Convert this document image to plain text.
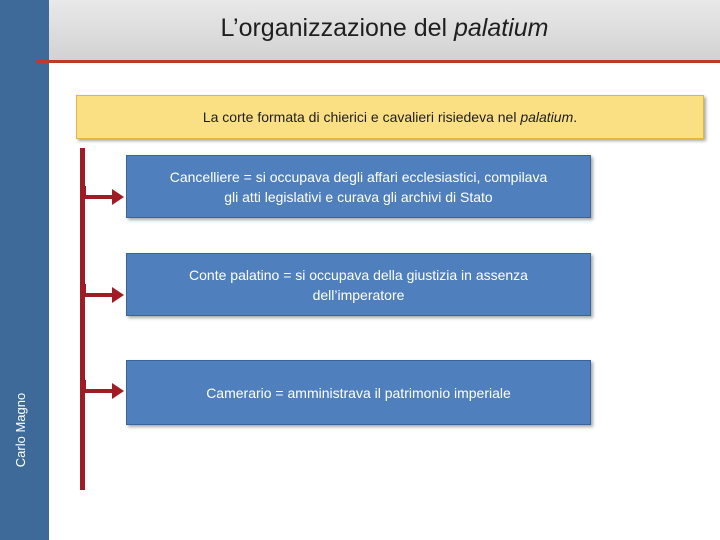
Carlo Magno
L’organizzazione del palatium
La corte formata di chierici e cavalieri risiedeva nel palatium.
Cancelliere = si occupava degli affari ecclesiastici, compilava
gli atti legislativi e curava gli archivi di Stato
Conte palatino = si occupava della giustizia in assenza
dell’imperatore
Camerario = amministrava il patrimonio imperiale
